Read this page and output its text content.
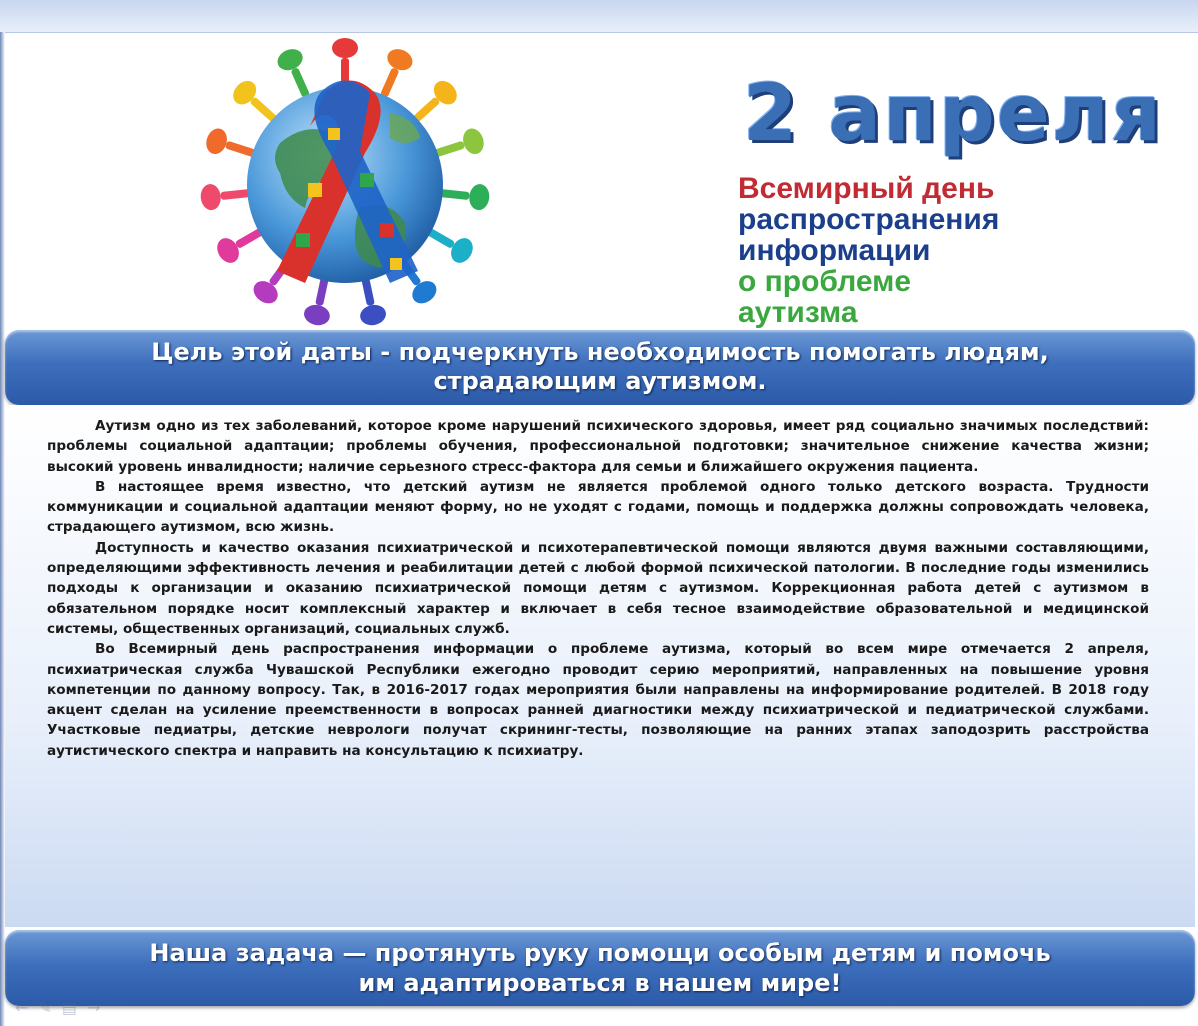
2 апреля
Всемирный день
распространения
информации
о проблеме
аутизма
Цель этой даты - подчеркнуть необходимость помогать людям,
страдающим аутизмом.

Аутизм одно из тех заболеваний, которое кроме нарушений психического здоровья, имеет ряд социально значимых последствий: проблемы социальной адаптации; проблемы обучения, профессиональной подготовки; значительное снижение качества жизни; высокий уровень инвалидности; наличие серьезного стресс-фактора для семьи и ближайшего окружения пациента.

В настоящее время известно, что детский аутизм не является проблемой одного только детского возраста. Трудности коммуникации и социальной адаптации меняют форму, но не уходят с годами, помощь и поддержка должны сопровождать человека, страдающего аутизмом, всю жизнь.

Доступность и качество оказания психиатрической и психотерапевтической помощи являются двумя важными составляющими, определяющими эффективность лечения и реабилитации детей с любой формой психической патологии. В последние годы изменились подходы к организации и оказанию психиатрической помощи детям с аутизмом. Коррекционная работа детей с аутизмом в обязательном порядке носит комплексный характер и включает в себя тесное взаимодействие образовательной и медицинской системы, общественных организаций, социальных служб.

Во Всемирный день распространения информации о проблеме аутизма, который во всем мире отмечается 2 апреля, психиатрическая служба Чувашской Республики ежегодно проводит серию мероприятий, направленных на повышение уровня компетенции по данному вопросу. Так, в 2016-2017 годах мероприятия были направлены на информирование родителей. В 2018 году акцент сделан на усиление преемственности в вопросах ранней диагностики между психиатрической и педиатрической службами. Участковые педиатры, детские неврологи получат скрининг-тесты, позволяющие на ранних этапах заподозрить расстройства аутистического спектра и направить на консультацию к психиатру.

Наша задача — протянуть руку помощи особым детям и помочь
им адаптироваться в нашем мире!
← ✎ ▤ →
